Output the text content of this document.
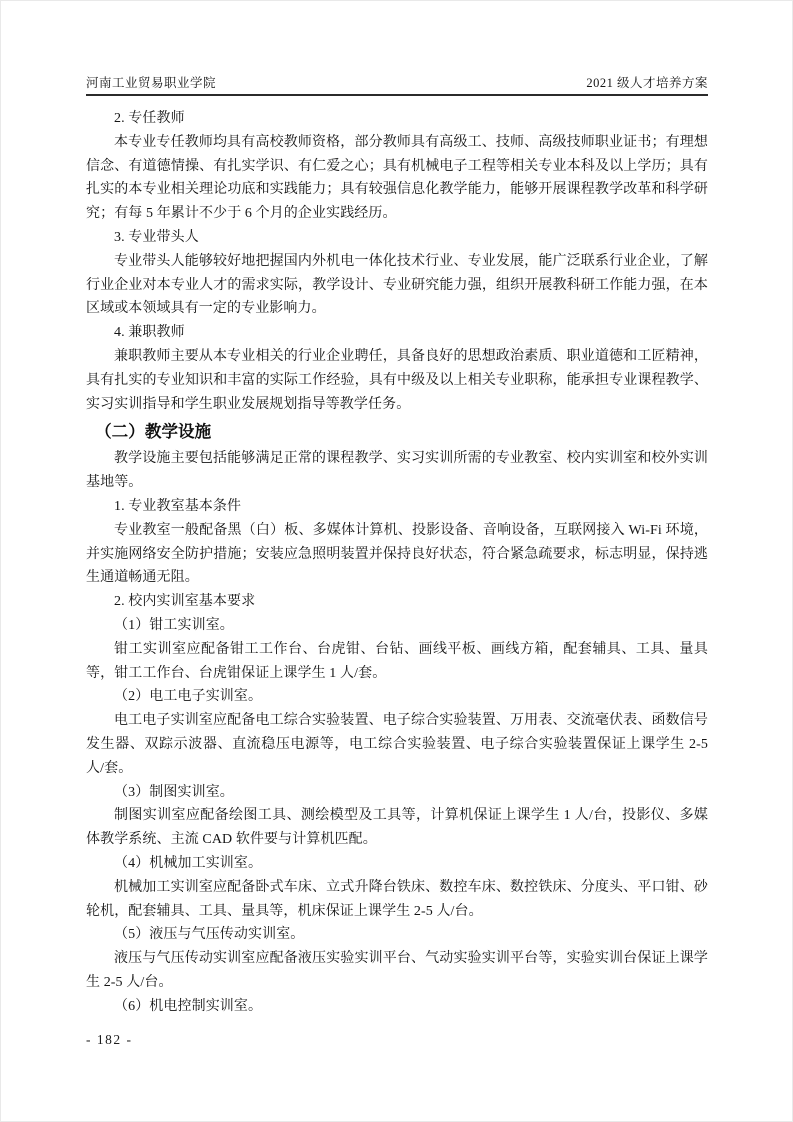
河南工业贸易职业学院	2021 级人才培养方案

2. 专任教师

本专业专任教师均具有高校教师资格，部分教师具有高级工、技师、高级技师职业证书；有理想信念、有道德情操、有扎实学识、有仁爱之心；具有机械电子工程等相关专业本科及以上学历；具有扎实的本专业相关理论功底和实践能力；具有较强信息化教学能力，能够开展课程教学改革和科学研究；有每 5 年累计不少于 6 个月的企业实践经历。

3. 专业带头人

专业带头人能够较好地把握国内外机电一体化技术行业、专业发展，能广泛联系行业企业，了解行业企业对本专业人才的需求实际，教学设计、专业研究能力强，组织开展教科研工作能力强，在本区域或本领域具有一定的专业影响力。

4. 兼职教师

兼职教师主要从本专业相关的行业企业聘任，具备良好的思想政治素质、职业道德和工匠精神，具有扎实的专业知识和丰富的实际工作经验，具有中级及以上相关专业职称，能承担专业课程教学、实习实训指导和学生职业发展规划指导等教学任务。

（二）教学设施

教学设施主要包括能够满足正常的课程教学、实习实训所需的专业教室、校内实训室和校外实训基地等。

1. 专业教室基本条件

专业教室一般配备黑（白）板、多媒体计算机、投影设备、音响设备，互联网接入 Wi-Fi 环境，并实施网络安全防护措施；安装应急照明装置并保持良好状态，符合紧急疏要求，标志明显，保持逃生通道畅通无阻。

2. 校内实训室基本要求

（1）钳工实训室。

钳工实训室应配备钳工工作台、台虎钳、台钻、画线平板、画线方箱，配套辅具、工具、量具等，钳工工作台、台虎钳保证上课学生 1 人/套。

（2）电工电子实训室。

电工电子实训室应配备电工综合实验装置、电子综合实验装置、万用表、交流毫伏表、函数信号发生器、双踪示波器、直流稳压电源等，电工综合实验装置、电子综合实验装置保证上课学生 2-5 人/套。

（3）制图实训室。

制图实训室应配备绘图工具、测绘模型及工具等，计算机保证上课学生 1 人/台，投影仪、多媒体教学系统、主流 CAD 软件要与计算机匹配。

（4）机械加工实训室。

机械加工实训室应配备卧式车床、立式升降台铁床、数控车床、数控铁床、分度头、平口钳、砂轮机，配套辅具、工具、量具等，机床保证上课学生 2-5 人/台。

（5）液压与气压传动实训室。

液压与气压传动实训室应配备液压实验实训平台、气动实验实训平台等，实验实训台保证上课学生 2-5 人/台。

（6）机电控制实训室。

- 182 -
